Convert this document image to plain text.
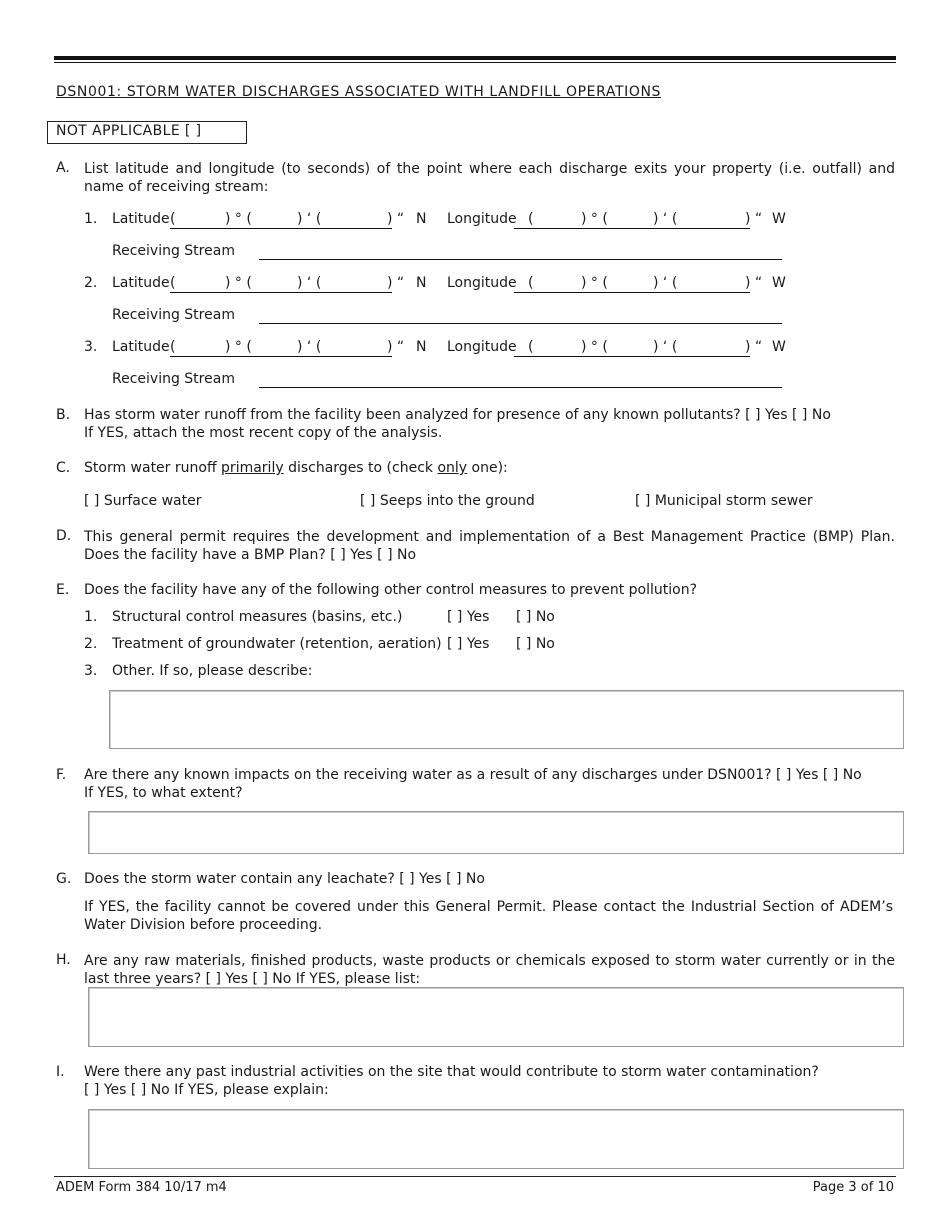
DSN001: STORM WATER DISCHARGES ASSOCIATED WITH LANDFILL OPERATIONS
NOT APPLICABLE [ ]
A. List latitude and longitude (to seconds) of the point where each discharge exits your property (i.e. outfall) and name of receiving stream:
1. Latitude (	) ° (	) ‘ (	) “ N Longitude (	) ° (	) ‘ (	) “ W
Receiving Stream
2. Latitude (	) ° (	) ‘ (	) “ N Longitude (	) ° (	) ‘ (	) “ W
Receiving Stream
3. Latitude (	) ° (	) ‘ (	) “ N Longitude (	) ° (	) ‘ (	) “ W
Receiving Stream
B. Has storm water runoff from the facility been analyzed for presence of any known pollutants? [ ] Yes [ ] No
If YES, attach the most recent copy of the analysis.
C. Storm water runoff primarily discharges to (check only one):
[ ] Surface water	[ ] Seeps into the ground	[ ] Municipal storm sewer
D. This general permit requires the development and implementation of a Best Management Practice (BMP) Plan. Does the facility have a BMP Plan? [ ] Yes [ ] No
E. Does the facility have any of the following other control measures to prevent pollution?
1. Structural control measures (basins, etc.)	[ ] Yes [ ] No
2. Treatment of groundwater (retention, aeration) [ ] Yes [ ] No
3. Other. If so, please describe:
F. Are there any known impacts on the receiving water as a result of any discharges under DSN001? [ ] Yes [ ] No
If YES, to what extent?
G. Does the storm water contain any leachate? [ ] Yes [ ] No
If YES, the facility cannot be covered under this General Permit. Please contact the Industrial Section of ADEM’s Water Division before proceeding.
H. Are any raw materials, finished products, waste products or chemicals exposed to storm water currently or in the last three years? [ ] Yes [ ] No If YES, please list:
I. Were there any past industrial activities on the site that would contribute to storm water contamination?
[ ] Yes [ ] No If YES, please explain:
ADEM Form 384 10/17 m4	Page 3 of 10
